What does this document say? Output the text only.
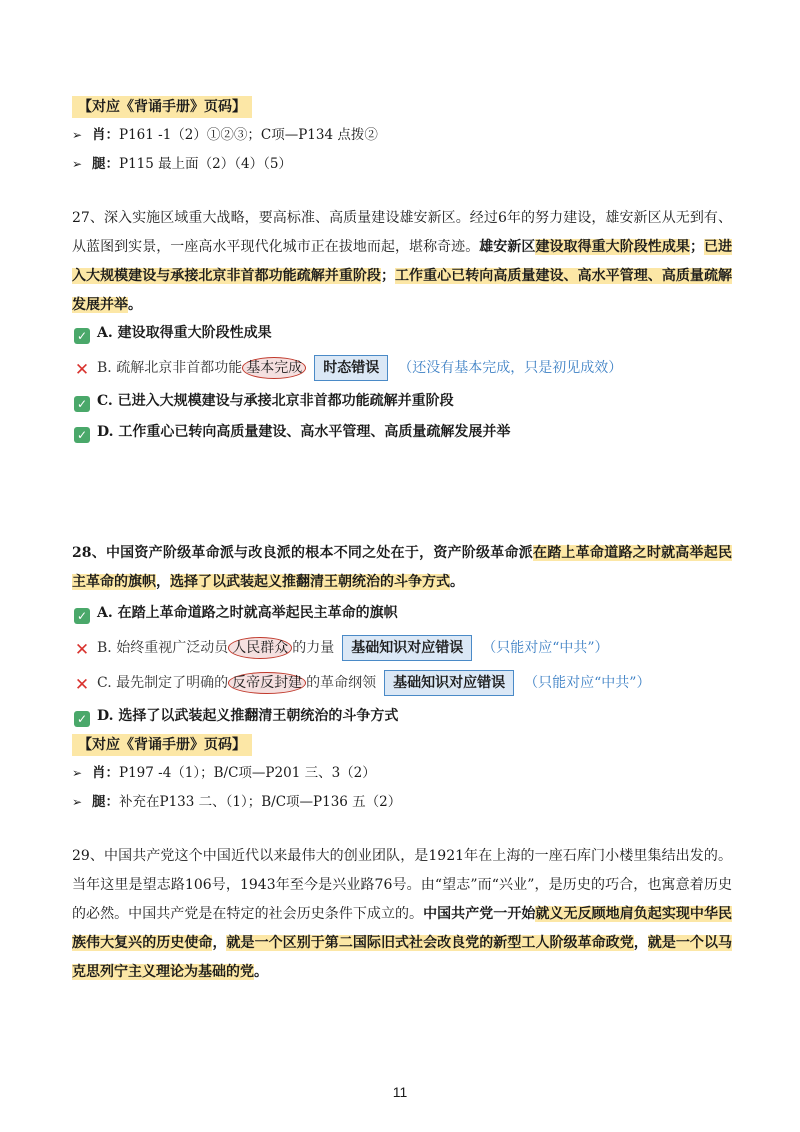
【对应《背诵手册》页码】
➢ 肖：P161 -1（2）①②③；C项—P134 点拨②
➢ 腿：P115 最上面（2）（4）（5）
27、深入实施区域重大战略，要高标准、高质量建设雄安新区。经过6年的努力建设，雄安新区从无到有、从蓝图到实景，一座高水平现代化城市正在拔地而起，堪称奇迹。雄安新区建设取得重大阶段性成果；已进入大规模建设与承接北京非首都功能疏解并重阶段；工作重心已转向高质量建设、高水平管理、高质量疏解发展并举。
✓ A. 建设取得重大阶段性成果
✕ B. 疏解北京非首都功能 基本完成 时态错误 （还没有基本完成，只是初见成效）
✓ C. 已进入大规模建设与承接北京非首都功能疏解并重阶段
✓ D. 工作重心已转向高质量建设、高水平管理、高质量疏解发展并举
28、中国资产阶级革命派与改良派的根本不同之处在于，资产阶级革命派在踏上革命道路之时就高举起民主革命的旗帜，选择了以武装起义推翻清王朝统治的斗争方式。
✓ A. 在踏上革命道路之时就高举起民主革命的旗帜
✕ B. 始终重视广泛动员 人民群众 的力量 基础知识对应错误 （只能对应“中共”）
✕ C. 最先制定了明确的 反帝反封建 的革命纲领 基础知识对应错误 （只能对应“中共”）
✓ D. 选择了以武装起义推翻清王朝统治的斗争方式
【对应《背诵手册》页码】
➢ 肖：P197 -4（1）；B/C项—P201 三、3（2）
➢ 腿：补充在P133 二、（1）；B/C项—P136 五（2）
29、中国共产党这个中国近代以来最伟大的创业团队，是1921年在上海的一座石库门小楼里集结出发的。当年这里是望志路106号，1943年至今是兴业路76号。由“望志”而“兴业”，是历史的巧合，也寓意着历史的必然。中国共产党是在特定的社会历史条件下成立的。中国共产党一开始就义无反顾地肩负起实现中华民族伟大复兴的历史使命，就是一个区别于第二国际旧式社会改良党的新型工人阶级革命政党，就是一个以马克思列宁主义理论为基础的党。
11
